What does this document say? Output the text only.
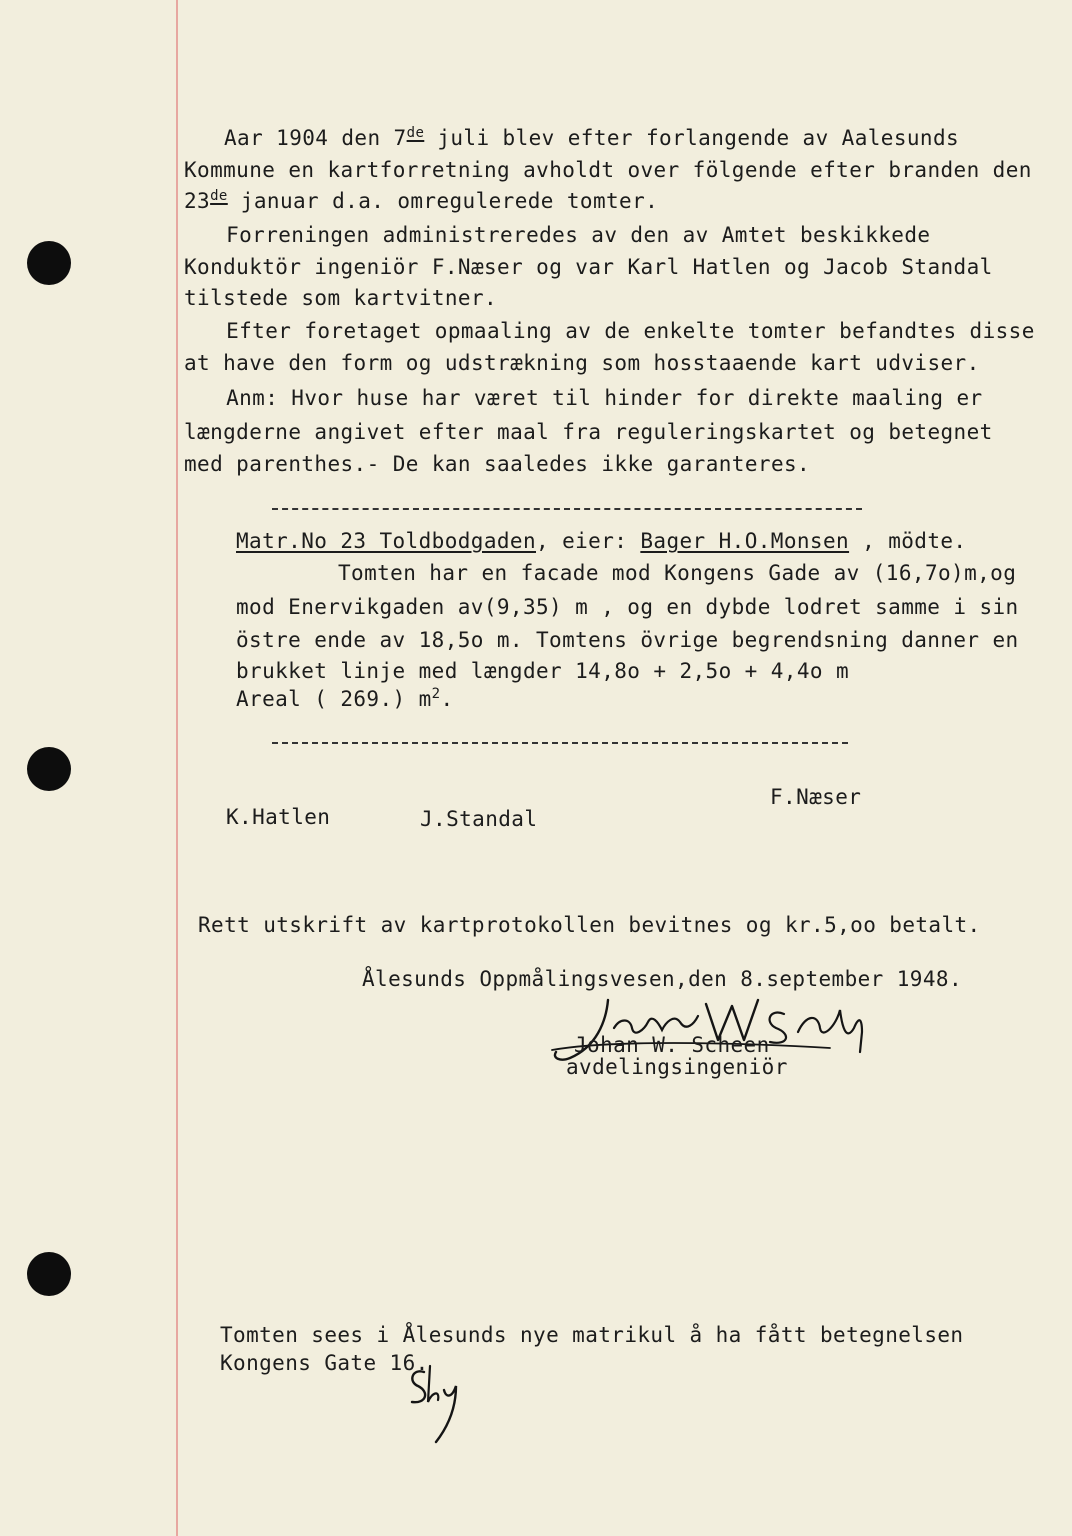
Aar 1904 den 7de juli blev efter forlangende av Aalesunds
Kommune en kartforretning avholdt over fölgende efter branden den
23de januar d.a. omregulerede tomter.
Forreningen administreredes av den av Amtet beskikkede
Konduktör ingeniör F.Næser og var Karl Hatlen og Jacob Standal
tilstede som kartvitner.
Efter foretaget opmaaling av de enkelte tomter befandtes disse
at have den form og udstrækning som hosstaaende kart udviser.
Anm: Hvor huse har været til hinder for direkte maaling er
længderne angivet efter maal fra reguleringskartet og betegnet
med parenthes.- De kan saaledes ikke garanteres.
Matr.No 23 Toldbodgaden, eier: Bager H.O.Monsen , mödte.
Tomten har en facade mod Kongens Gade av (16,7o)m,og
mod Enervikgaden av(9,35) m , og en dybde lodret samme i sin
östre ende av 18,5o m. Tomtens övrige begrendsning danner en
brukket linje med længder 14,8o + 2,5o + 4,4o m
Areal ( 269.) $m^2$.
F.Næser
K.Hatlen	J.Standal
Rett utskrift av kartprotokollen bevitnes og kr.5,oo betalt.
Ålesunds Oppmålingsvesen,den 8.september 1948.
Johan W. Scheen
avdelingsingeniör
Tomten sees i Ålesunds nye matrikul å ha fått betegnelsen
Kongens Gate 16.
